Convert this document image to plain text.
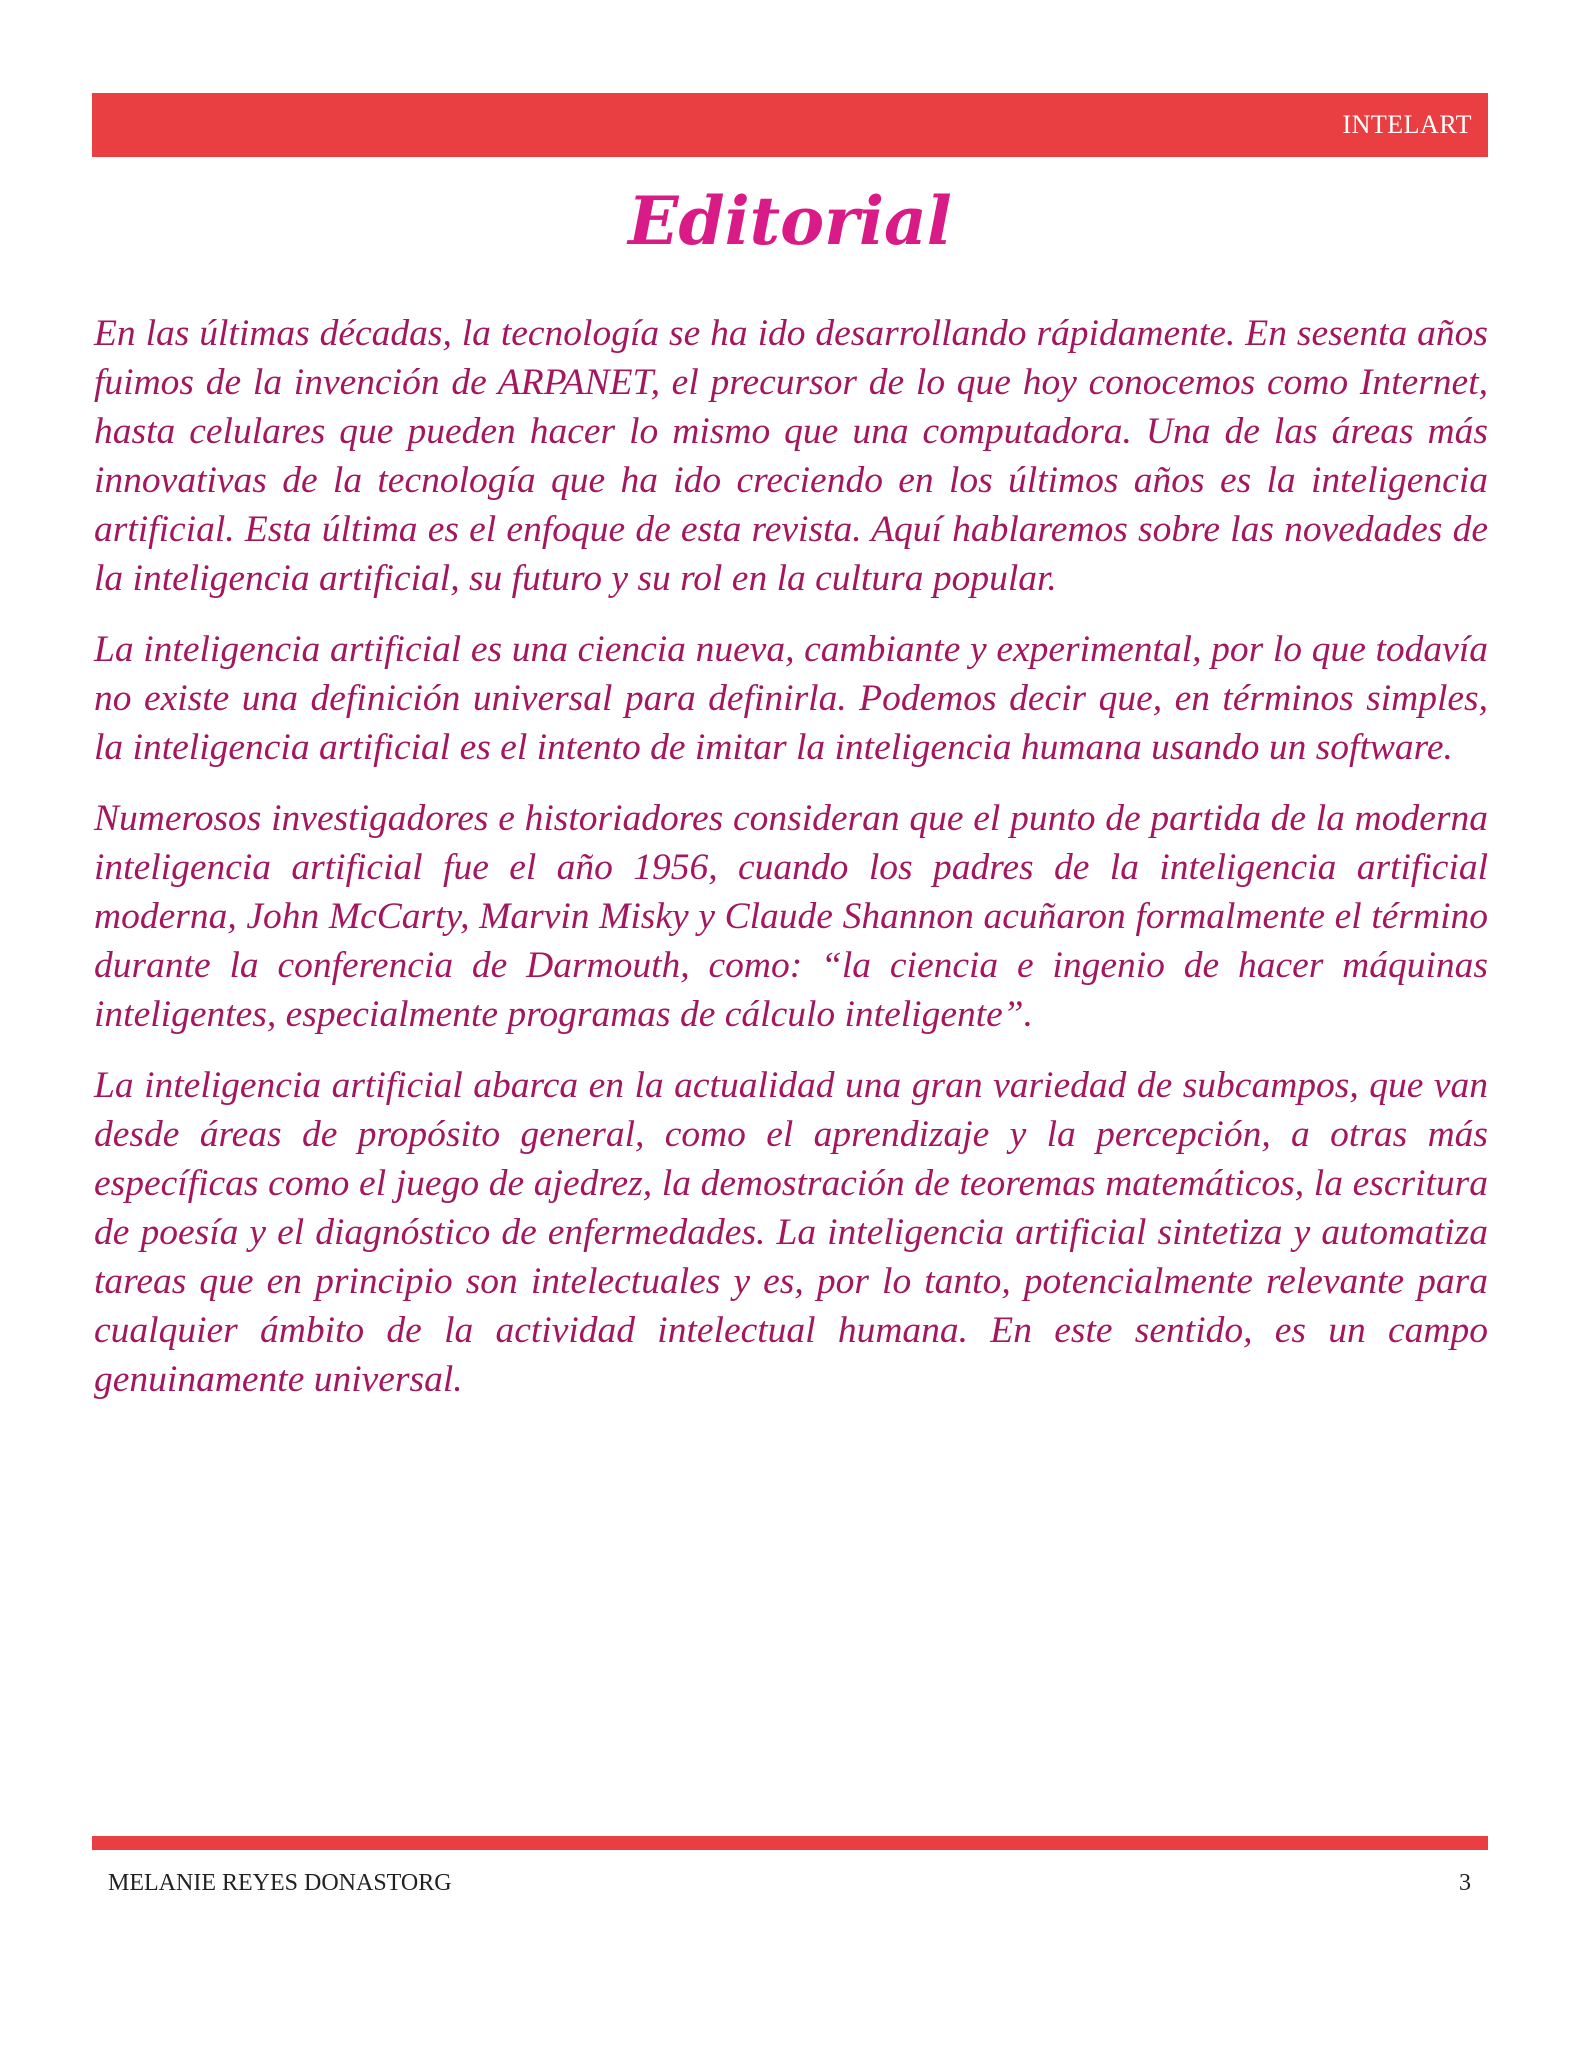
INTELART
Editorial

En las últimas décadas, la tecnología se ha ido desarrollando rápidamente. En sesenta años fuimos de la invención de ARPANET, el precursor de lo que hoy conocemos como Internet, hasta celulares que pueden hacer lo mismo que una computadora. Una de las áreas más innovativas de la tecnología que ha ido creciendo en los últimos años es la inteligencia artificial. Esta última es el enfoque de esta revista. Aquí hablaremos sobre las novedades de la inteligencia artificial, su futuro y su rol en la cultura popular.

La inteligencia artificial es una ciencia nueva, cambiante y experimental, por lo que todavía no existe una definición universal para definirla. Podemos decir que, en términos simples, la inteligencia artificial es el intento de imitar la inteligencia humana usando un software.

Numerosos investigadores e historiadores consideran que el punto de partida de la moderna inteligencia artificial fue el año 1956, cuando los padres de la inteligencia artificial moderna, John McCarty, Marvin Misky y Claude Shannon acuñaron formalmente el término durante la conferencia de Darmouth, como: “la ciencia e ingenio de hacer máquinas inteligentes, especialmente programas de cálculo inteligente”.

La inteligencia artificial abarca en la actualidad una gran variedad de subcampos, que van desde áreas de propósito general, como el aprendizaje y la percepción, a otras más específicas como el juego de ajedrez, la demostración de teoremas matemáticos, la escritura de poesía y el diagnóstico de enfermedades. La inteligencia artificial sintetiza y automatiza tareas que en principio son intelectuales y es, por lo tanto, potencialmente relevante para cualquier ámbito de la actividad intelectual humana. En este sentido, es un campo genuinamente universal.

MELANIE REYES DONASTORG	3
